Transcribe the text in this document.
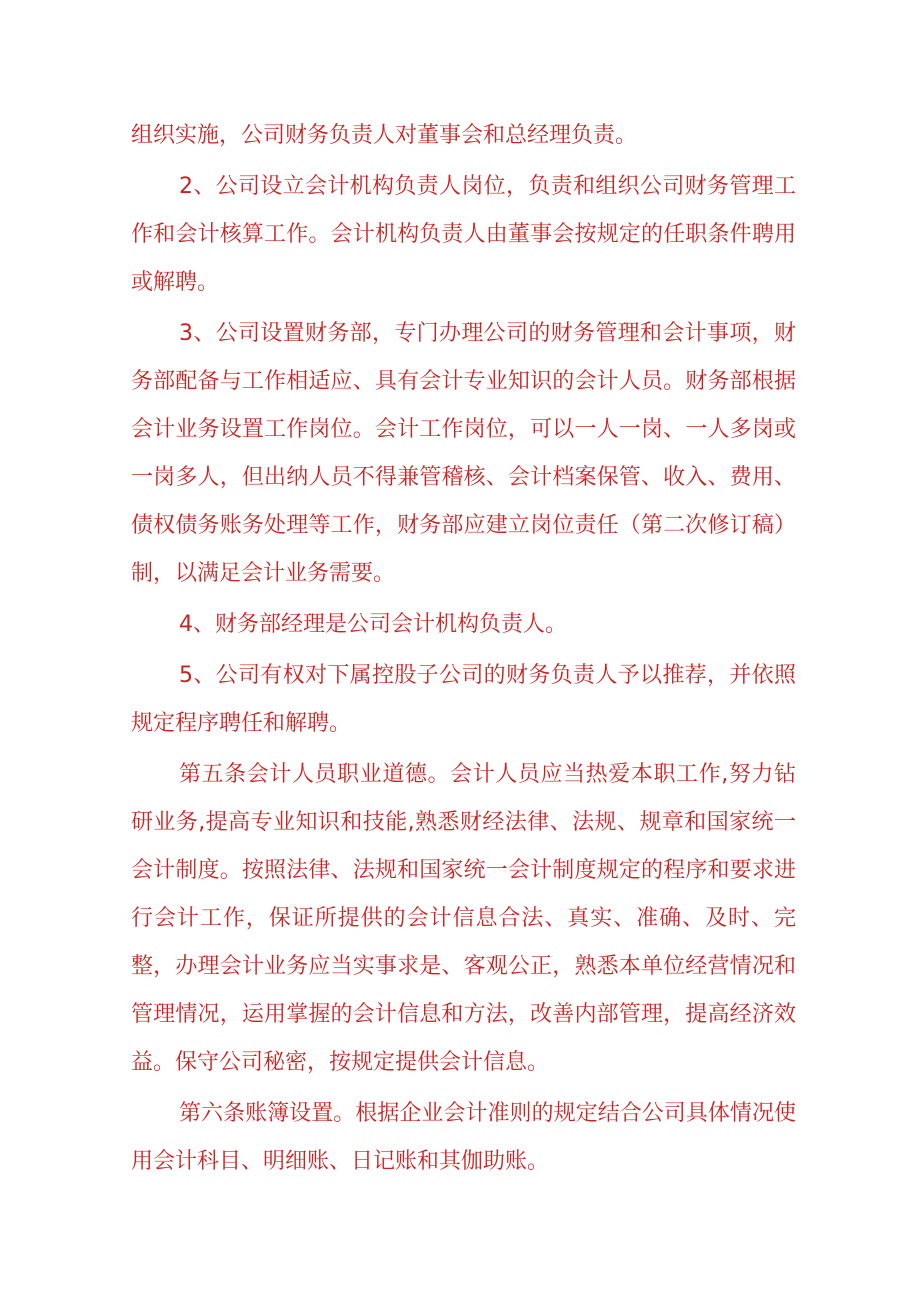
组织实施，公司财务负责人对董事会和总经理负责。

2、公司设立会计机构负责人岗位，负责和组织公司财务管理工作和会计核算工作。会计机构负责人由董事会按规定的任职条件聘用或解聘。

3、公司设置财务部，专门办理公司的财务管理和会计事项，财务部配备与工作相适应、具有会计专业知识的会计人员。财务部根据会计业务设置工作岗位。会计工作岗位，可以一人一岗、一人多岗或一岗多人，但出纳人员不得兼管稽核、会计档案保管、收入、费用、债权债务账务处理等工作，财务部应建立岗位责任（第二次修订稿）制，以满足会计业务需要。

4、财务部经理是公司会计机构负责人。

5、公司有权对下属控股子公司的财务负责人予以推荐，并依照规定程序聘任和解聘。

第五条会计人员职业道德。会计人员应当热爱本职工作,努力钻研业务,提高专业知识和技能,熟悉财经法律、法规、规章和国家统一会计制度。按照法律、法规和国家统一会计制度规定的程序和要求进行会计工作，保证所提供的会计信息合法、真实、准确、及时、完整，办理会计业务应当实事求是、客观公正，熟悉本单位经营情况和管理情况，运用掌握的会计信息和方法，改善内部管理，提高经济效益。保守公司秘密，按规定提供会计信息。

第六条账簿设置。根据企业会计准则的规定结合公司具体情况使用会计科目、明细账、日记账和其伽助账。
